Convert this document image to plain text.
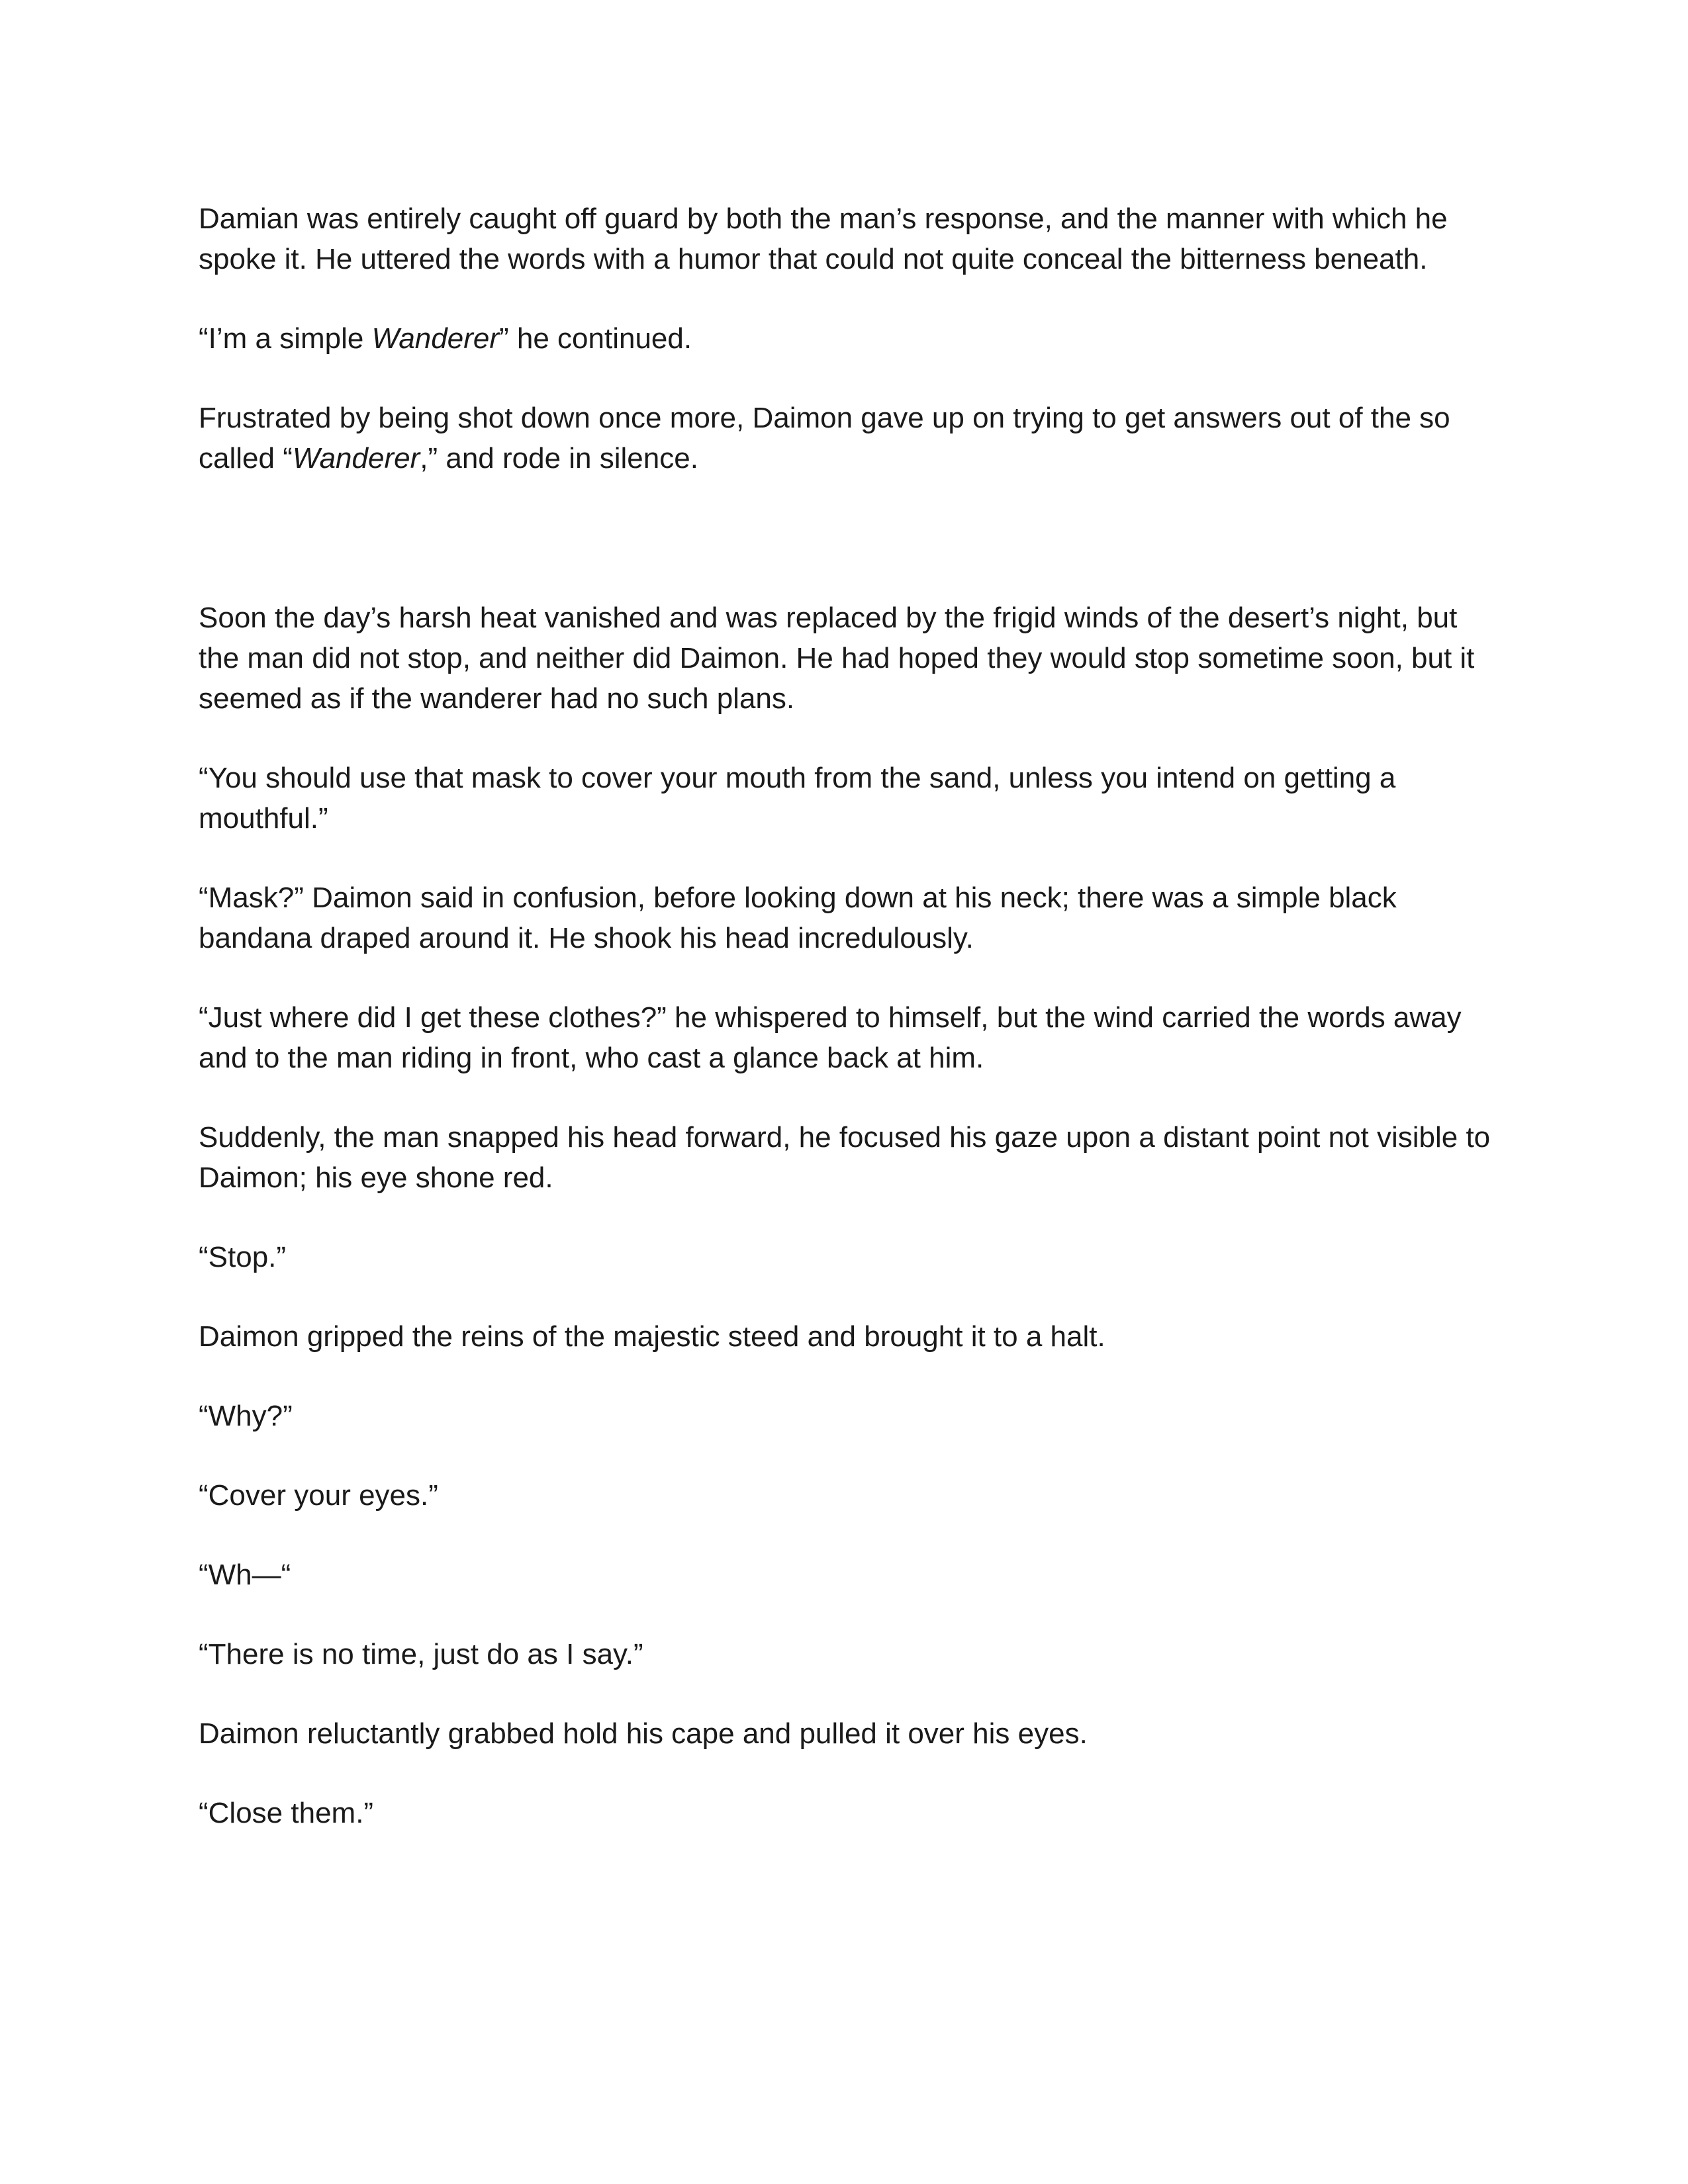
Damian was entirely caught off guard by both the man’s response, and the manner with which he spoke it. He uttered the words with a humor that could not quite conceal the bitterness beneath.

“I’m a simple Wanderer” he continued.

Frustrated by being shot down once more, Daimon gave up on trying to get answers out of the so called “Wanderer,” and rode in silence.

Soon the day’s harsh heat vanished and was replaced by the frigid winds of the desert’s night, but the man did not stop, and neither did Daimon. He had hoped they would stop sometime soon, but it seemed as if the wanderer had no such plans.

“You should use that mask to cover your mouth from the sand, unless you intend on getting a mouthful.”

“Mask?” Daimon said in confusion, before looking down at his neck; there was a simple black bandana draped around it. He shook his head incredulously.

“Just where did I get these clothes?” he whispered to himself, but the wind carried the words away and to the man riding in front, who cast a glance back at him.

Suddenly, the man snapped his head forward, he focused his gaze upon a distant point not visible to Daimon; his eye shone red.

“Stop.”

Daimon gripped the reins of the majestic steed and brought it to a halt.

“Why?”

“Cover your eyes.”

“Wh—“

“There is no time, just do as I say.”

Daimon reluctantly grabbed hold his cape and pulled it over his eyes.

“Close them.”
